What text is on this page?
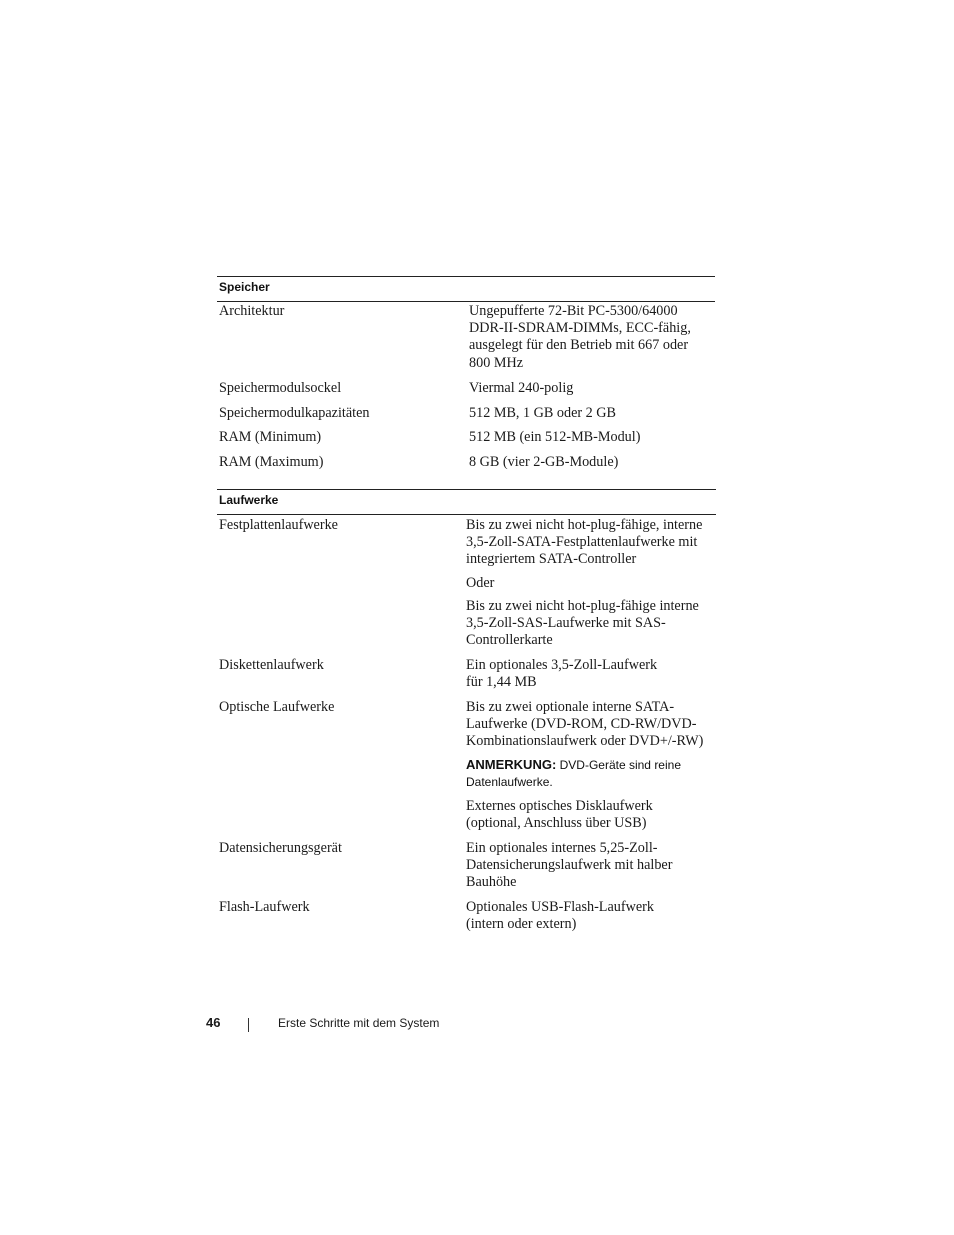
Speicher
Architektur	Ungepufferte 72-Bit PC-5300/64000
DDR-II-SDRAM-DIMMs, ECC-fähig,
ausgelegt für den Betrieb mit 667 oder
800 MHz
Speichermodulsockel	Viermal 240-polig
Speichermodulkapazitäten	512 MB, 1 GB oder 2 GB
RAM (Minimum)	512 MB (ein 512-MB-Modul)
RAM (Maximum)	8 GB (vier 2-GB-Module)
Laufwerke
Festplattenlaufwerke	Bis zu zwei nicht hot-plug-fähige, interne
3,5-Zoll-SATA-Festplattenlaufwerke mit
integriertem SATA-Controller
Oder
Bis zu zwei nicht hot-plug-fähige interne
3,5-Zoll-SAS-Laufwerke mit SAS-
Controllerkarte
Diskettenlaufwerk	Ein optionales 3,5-Zoll-Laufwerk
für 1,44 MB
Optische Laufwerke	Bis zu zwei optionale interne SATA-
Laufwerke (DVD-ROM, CD-RW/DVD-
Kombinationslaufwerk oder DVD+/-RW)
ANMERKUNG: DVD-Geräte sind reine
Datenlaufwerke.
Externes optisches Disklaufwerk
(optional, Anschluss über USB)
Datensicherungsgerät	Ein optionales internes 5,25-Zoll-
Datensicherungslaufwerk mit halber
Bauhöhe
Flash-Laufwerk	Optionales USB-Flash-Laufwerk
(intern oder extern)
46	Erste Schritte mit dem System
